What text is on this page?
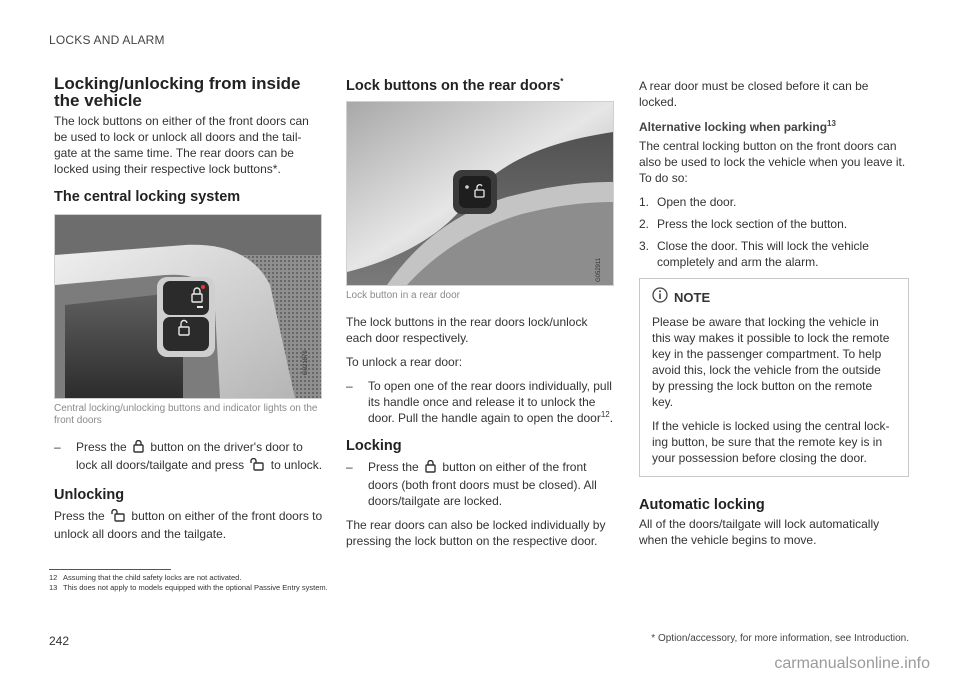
LOCKS AND ALARM
Locking/unlocking from inside the vehicle

The lock buttons on either of the front doors can be used to lock or unlock all doors and the tail-gate at the same time. The rear doors can be locked using their respective lock buttons*.

The central locking system
G021879
Central locking/unlocking buttons and indicator lights on the front doors
–	Press the button on the driver's door to lock all doors/tailgate and press to unlock.
Unlocking

Press the button on either of the front doors to unlock all doors and the tailgate.

Lock buttons on the rear doors*
G052911
Lock button in a rear door

The lock buttons in the rear doors lock/unlock each door respectively.

To unlock a rear door:

–	To open one of the rear doors individually, pull its handle once and release it to unlock the door. Pull the handle again to open the door$^{12}$.
Locking
–	Press the button on either of the front doors (both front doors must be closed). All doors/tailgate are locked.

The rear doors can also be locked individually by pressing the lock button on the respective door.

A rear door must be closed before it can be locked.

Alternative locking when parking$^{13}$

The central locking button on the front doors can also be used to lock the vehicle when you leave it. To do so:

1. Open the door.
2. Press the lock section of the button.
3. Close the door. This will lock the vehicle completely and arm the alarm.
NOTE

Please be aware that locking the vehicle in this way makes it possible to lock the remote key in the passenger compartment. To help avoid this, lock the vehicle from the outside by pressing the lock button on the remote key.

If the vehicle is locked using the central lock-ing button, be sure that the remote key is in your possession before closing the door.

Automatic locking

All of the doors/tailgate will lock automatically when the vehicle begins to move.

12 Assuming that the child safety locks are not activated.
13 This does not apply to models equipped with the optional Passive Entry system.
242	* Option/accessory, for more information, see Introduction.
carmanualsonline.info
